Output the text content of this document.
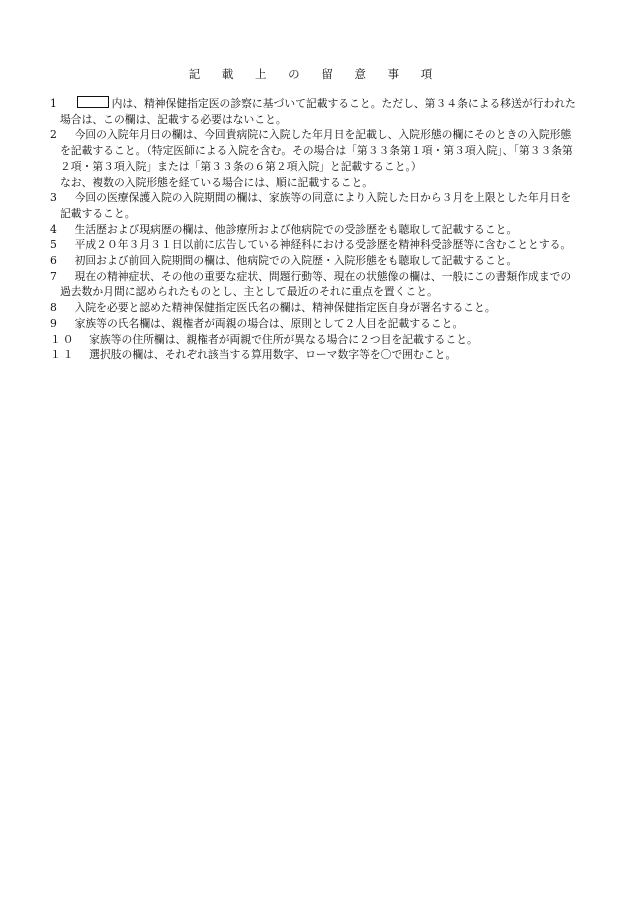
記 載 上 の 留 意 事 項
1	内は、精神保健指定医の診察に基づいて記載すること。ただし、第３４条による移送が行われた場合は、この欄は、記載する必要はないこと。
2 今回の入院年月日の欄は、今回貴病院に入院した年月日を記載し、入院形態の欄にそのときの入院形態を記載すること。（特定医師による入院を含む。その場合は「第３３条第１項・第３項入院」、「第３３条第２項・第３項入院」または「第３３条の６第２項入院」と記載すること。）
なお、複数の入院形態を経ている場合には、順に記載すること。
3 今回の医療保護入院の入院期間の欄は、家族等の同意により入院した日から３月を上限とした年月日を記載すること。
4 生活歴および現病歴の欄は、他診療所および他病院での受診歴をも聴取して記載すること。
5 平成２０年３月３１日以前に広告している神経科における受診歴を精神科受診歴等に含むこととする。
6 初回および前回入院期間の欄は、他病院での入院歴・入院形態をも聴取して記載すること。
7 現在の精神症状、その他の重要な症状、問題行動等、現在の状態像の欄は、一般にこの書類作成までの過去数か月間に認められたものとし、主として最近のそれに重点を置くこと。
8 入院を必要と認めた精神保健指定医氏名の欄は、精神保健指定医自身が署名すること。
9 家族等の氏名欄は、親権者が両親の場合は、原則として２人目を記載すること。
１０ 家族等の住所欄は、親権者が両親で住所が異なる場合に２つ目を記載すること。
１１ 選択肢の欄は、それぞれ該当する算用数字、ローマ数字等を〇で囲むこと。
